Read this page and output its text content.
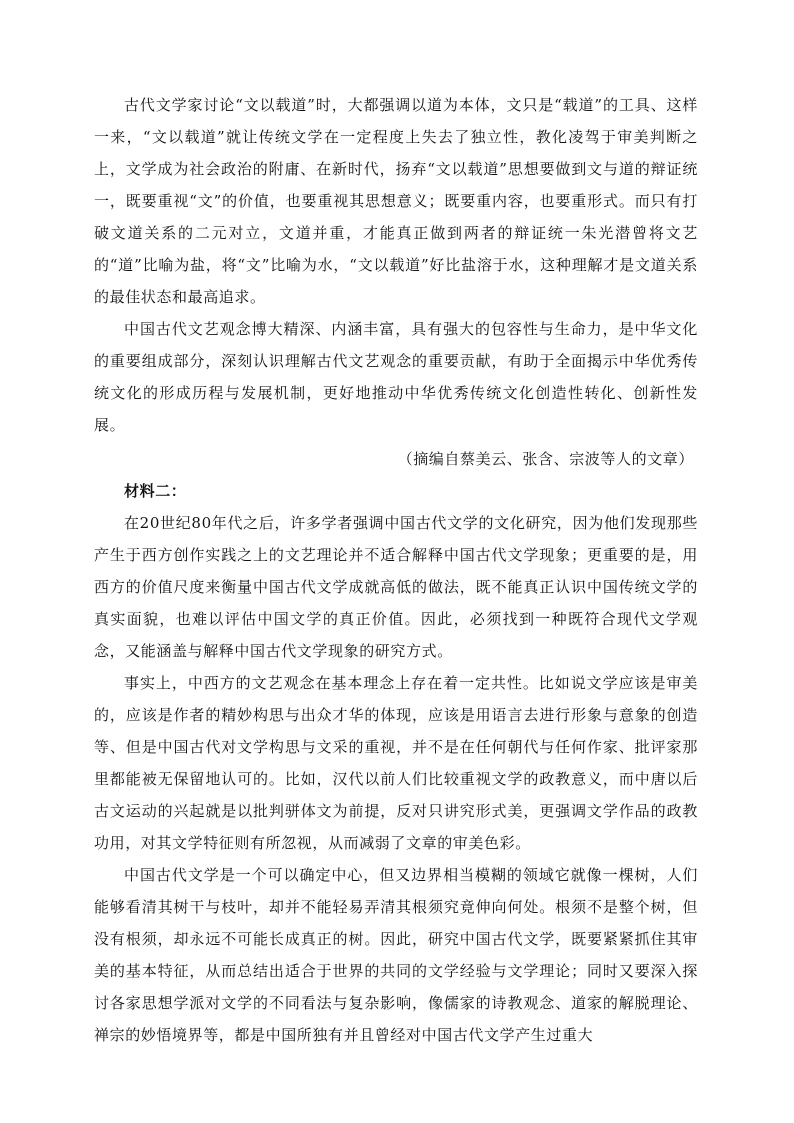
古代文学家讨论“文以载道”时，大都强调以道为本体，文只是“载道”的工具、这样一来，“文以载道”就让传统文学在一定程度上失去了独立性，教化凌驾于审美判断之上，文学成为社会政治的附庸、在新时代，扬弃“文以载道”思想要做到文与道的辩证统一，既要重视“文”的价值，也要重视其思想意义；既要重内容，也要重形式。而只有打破文道关系的二元对立，文道并重，才能真正做到两者的辩证统一朱光潜曾将文艺的“道”比喻为盐，将“文”比喻为水，“文以载道”好比盐溶于水，这种理解才是文道关系的最佳状态和最高追求。

中国古代文艺观念博大精深、内涵丰富，具有强大的包容性与生命力，是中华文化的重要组成部分，深刻认识理解古代文艺观念的重要贡献，有助于全面揭示中华优秀传统文化的形成历程与发展机制，更好地推动中华优秀传统文化创造性转化、创新性发展。

（摘编自蔡美云、张含、宗波等人的文章）

材料二：

在20世纪80年代之后，许多学者强调中国古代文学的文化研究，因为他们发现那些产生于西方创作实践之上的文艺理论并不适合解释中国古代文学现象；更重要的是，用西方的价值尺度来衡量中国古代文学成就高低的做法，既不能真正认识中国传统文学的真实面貌，也难以评估中国文学的真正价值。因此，必须找到一种既符合现代文学观念，又能涵盖与解释中国古代文学现象的研究方式。

事实上，中西方的文艺观念在基本理念上存在着一定共性。比如说文学应该是审美的，应该是作者的精妙构思与出众才华的体现，应该是用语言去进行形象与意象的创造等、但是中国古代对文学构思与文采的重视，并不是在任何朝代与任何作家、批评家那里都能被无保留地认可的。比如，汉代以前人们比较重视文学的政教意义，而中唐以后古文运动的兴起就是以批判骈体文为前提，反对只讲究形式美，更强调文学作品的政教功用，对其文学特征则有所忽视，从而减弱了文章的审美色彩。

中国古代文学是一个可以确定中心，但又边界相当模糊的领域它就像一棵树，人们能够看清其树干与枝叶，却并不能轻易弄清其根须究竟伸向何处。根须不是整个树，但没有根须，却永远不可能长成真正的树。因此，研究中国古代文学，既要紧紧抓住其审美的基本特征，从而总结出适合于世界的共同的文学经验与文学理论；同时又要深入探讨各家思想学派对文学的不同看法与复杂影响，像儒家的诗教观念、道家的解脱理论、禅宗的妙悟境界等，都是中国所独有并且曾经对中国古代文学产生过重大
